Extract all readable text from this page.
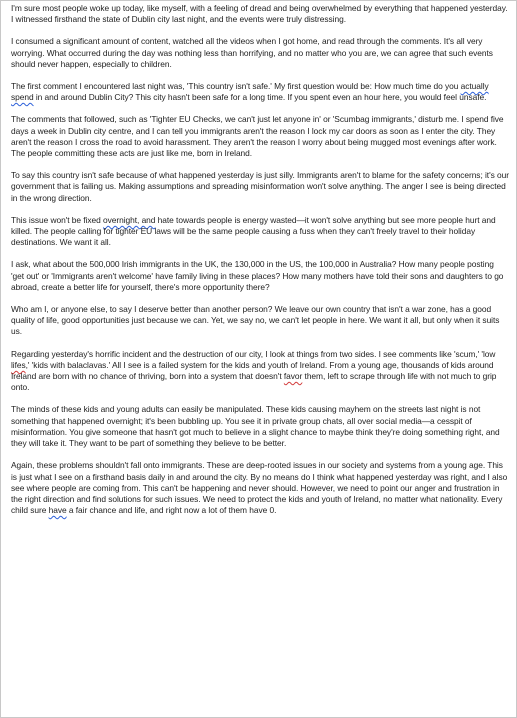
I'm sure most people woke up today, like myself, with a feeling of dread and being overwhelmed by everything that happened yesterday. I witnessed firsthand the state of Dublin city last night, and the events were truly distressing.

I consumed a significant amount of content, watched all the videos when I got home, and read through the comments. It's all very worrying. What occurred during the day was nothing less than horrifying, and no matter who you are, we can agree that such events should never happen, especially to children.

The first comment I encountered last night was, 'This country isn't safe.' My first question would be: How much time do you actually spend in and around Dublin City? This city hasn't been safe for a long time. If you spent even an hour here, you would feel unsafe.

The comments that followed, such as 'Tighter EU Checks, we can't just let anyone in' or 'Scumbag immigrants,' disturb me. I spend five days a week in Dublin city centre, and I can tell you immigrants aren't the reason I lock my car doors as soon as I enter the city. They aren't the reason I cross the road to avoid harassment. They aren't the reason I worry about being mugged most evenings after work. The people committing these acts are just like me, born in Ireland.

To say this country isn't safe because of what happened yesterday is just silly. Immigrants aren't to blame for the safety concerns; it's our government that is failing us. Making assumptions and spreading misinformation won't solve anything. The anger I see is being directed in the wrong direction.

This issue won't be fixed overnight, and hate towards people is energy wasted—it won't solve anything but see more people hurt and killed. The people calling for tighter EU laws will be the same people causing a fuss when they can't freely travel to their holiday destinations. We want it all.

I ask, what about the 500,000 Irish immigrants in the UK, the 130,000 in the US, the 100,000 in Australia? How many people posting 'get out' or 'Immigrants aren't welcome' have family living in these places? How many mothers have told their sons and daughters to go abroad, create a better life for yourself, there's more opportunity there?

Who am I, or anyone else, to say I deserve better than another person? We leave our own country that isn't a war zone, has a good quality of life, good opportunities just because we can. Yet, we say no, we can't let people in here. We want it all, but only when it suits us.

Regarding yesterday's horrific incident and the destruction of our city, I look at things from two sides. I see comments like 'scum,' 'low lifes,' 'kids with balaclavas.' All I see is a failed system for the kids and youth of Ireland. From a young age, thousands of kids around Ireland are born with no chance of thriving, born into a system that doesn't favor them, left to scrape through life with not much to grip onto.

The minds of these kids and young adults can easily be manipulated. These kids causing mayhem on the streets last night is not something that happened overnight; it's been bubbling up. You see it in private group chats, all over social media—a cesspit of misinformation. You give someone that hasn't got much to believe in a slight chance to maybe think they're doing something right, and they will take it. They want to be part of something they believe to be better.

Again, these problems shouldn't fall onto immigrants. These are deep-rooted issues in our society and systems from a young age. This is just what I see on a firsthand basis daily in and around the city. By no means do I think what happened yesterday was right, and I also see where people are coming from. This can't be happening and never should. However, we need to point our anger and frustration in the right direction and find solutions for such issues. We need to protect the kids and youth of Ireland, no matter what nationality. Every child sure have a fair chance and life, and right now a lot of them have 0.
